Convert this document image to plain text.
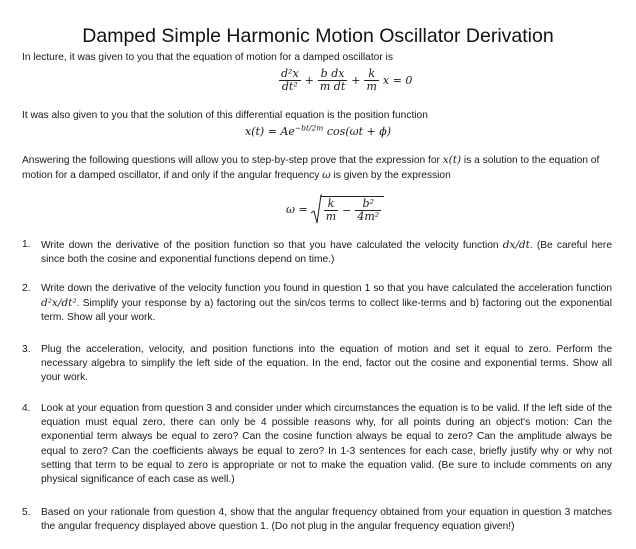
Damped Simple Harmonic Motion Oscillator Derivation
In lecture, it was given to you that the equation of motion for a damped oscillator is
$\frac{\text{d²x}}{\text{dt²}} + \frac{\text{b dx}}{\text{m dt}} + \frac{k}{m}$ x = 0
It was also given to you that the solution of this differential equation is the position function
$x(t) = Ae^{-bt/2m}$ cos(ωt + ϕ)
Answering the following questions will allow you to step-by-step prove that the expression for x(t) is a solution to the equation of motion for a damped oscillator, if and only if the angular frequency ω is given by the expression
$\omega = \frac{k}{m} - \frac{\text{b²}}{\text{4m²}}$
1. Write down the derivative of the position function so that you have calculated the velocity function dx/dt. (Be careful here since both the cosine and exponential functions depend on time.)
2. Write down the derivative of the velocity function you found in question 1 so that you have calculated the acceleration function d²x/dt². Simplify your response by a) factoring out the sin/cos terms to collect like-terms and b) factoring out the exponential term. Show all your work.
3. Plug the acceleration, velocity, and position functions into the equation of motion and set it equal to zero. Perform the necessary algebra to simplify the left side of the equation. In the end, factor out the cosine and exponential terms. Show all your work.
4. Look at your equation from question 3 and consider under which circumstances the equation is to be valid. If the left side of the equation must equal zero, there can only be 4 possible reasons why, for all points during an object's motion: Can the exponential term always be equal to zero? Can the cosine function always be equal to zero? Can the amplitude always be equal to zero? Can the coefficients always be equal to zero? In 1-3 sentences for each case, briefly justify why or why not setting that term to be equal to zero is appropriate or not to make the equation valid. (Be sure to include comments on any physical significance of each case as well.)
5. Based on your rationale from question 4, show that the angular frequency obtained from your equation in question 3 matches the angular frequency displayed above question 1. (Do not plug in the angular frequency equation given!)
